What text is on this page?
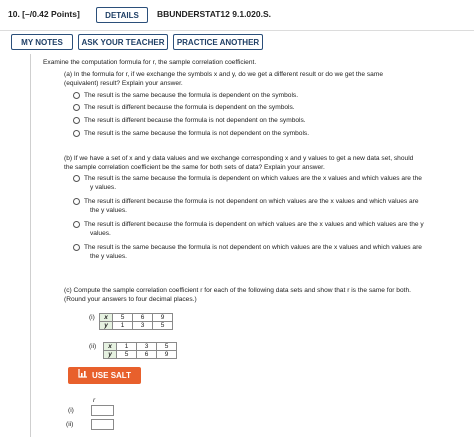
10. [–/0.42 Points]	DETAILS	BBUNDERSTAT12 9.1.020.S.
MY NOTES	ASK YOUR TEACHER	PRACTICE ANOTHER
Examine the computation formula for r, the sample correlation coefficient.
(a) In the formula for r, if we exchange the symbols x and y, do we get a different result or do we get the same
(equivalent) result? Explain your answer.
The result is the same because the formula is dependent on the symbols.
The result is different because the formula is dependent on the symbols.
The result is different because the formula is not dependent on the symbols.
The result is the same because the formula is not dependent on the symbols.
(b) If we have a set of x and y data values and we exchange corresponding x and y values to get a new data set, should
the sample correlation coefficient be the same for both sets of data? Explain your answer.
The result is the same because the formula is dependent on which values are the x values and which values are the
y values.
The result is different because the formula is not dependent on which values are the x values and which values are
the y values.
The result is different because the formula is dependent on which values are the x values and which values are the y
values.
The result is the same because the formula is not dependent on which values are the x values and which values are
the y values.
(c) Compute the sample correlation coefficient r for each of the following data sets and show that r is the same for both.
(Round your answers to four decimal places.)
(i) x	5	6	9
y	1	3	5
(ii) x	1	3	5
y	5	6	9
USE SALT
r
(i)
(ii)
